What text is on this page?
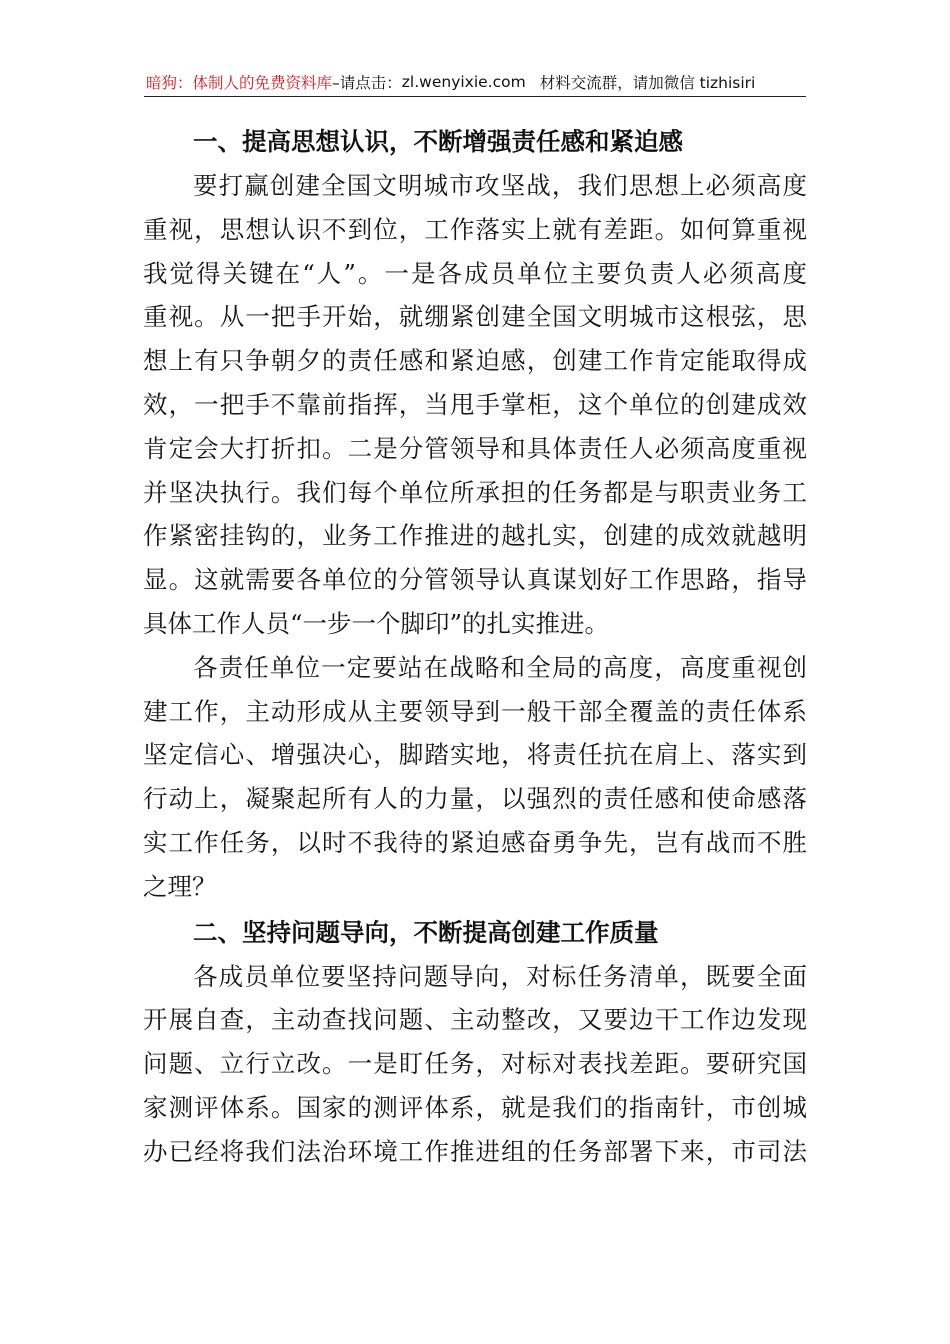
暗狗：体制人的免费资料库 –请点击： zl.wenyixie.com 材料交流群，请加微信 tizhisiri
一、提高思想认识，不断增强责任感和紧迫感
要打赢创建全国文明城市攻坚战，我们思想上必须高度
重视，思想认识不到位，工作落实上就有差距。如何算重视
我觉得关键在“人”。一是各成员单位主要负责人必须高度
重视。从一把手开始，就绷紧创建全国文明城市这根弦，思
想上有只争朝夕的责任感和紧迫感，创建工作肯定能取得成
效，一把手不靠前指挥，当甩手掌柜，这个单位的创建成效
肯定会大打折扣。二是分管领导和具体责任人必须高度重视
并坚决执行。我们每个单位所承担的任务都是与职责业务工
作紧密挂钩的，业务工作推进的越扎实，创建的成效就越明
显。这就需要各单位的分管领导认真谋划好工作思路，指导
具体工作人员“一步一个脚印”的扎实推进。
各责任单位一定要站在战略和全局的高度，高度重视创
建工作，主动形成从主要领导到一般干部全覆盖的责任体系
坚定信心、增强决心，脚踏实地，将责任抗在肩上、落实到
行动上，凝聚起所有人的力量，以强烈的责任感和使命感落
实工作任务，以时不我待的紧迫感奋勇争先，岂有战而不胜
之理？
二、坚持问题导向，不断提高创建工作质量
各成员单位要坚持问题导向，对标任务清单，既要全面
开展自查，主动查找问题、主动整改，又要边干工作边发现
问题、立行立改。一是盯任务，对标对表找差距。要研究国
家测评体系。国家的测评体系，就是我们的指南针，市创城
办已经将我们法治环境工作推进组的任务部署下来，市司法
